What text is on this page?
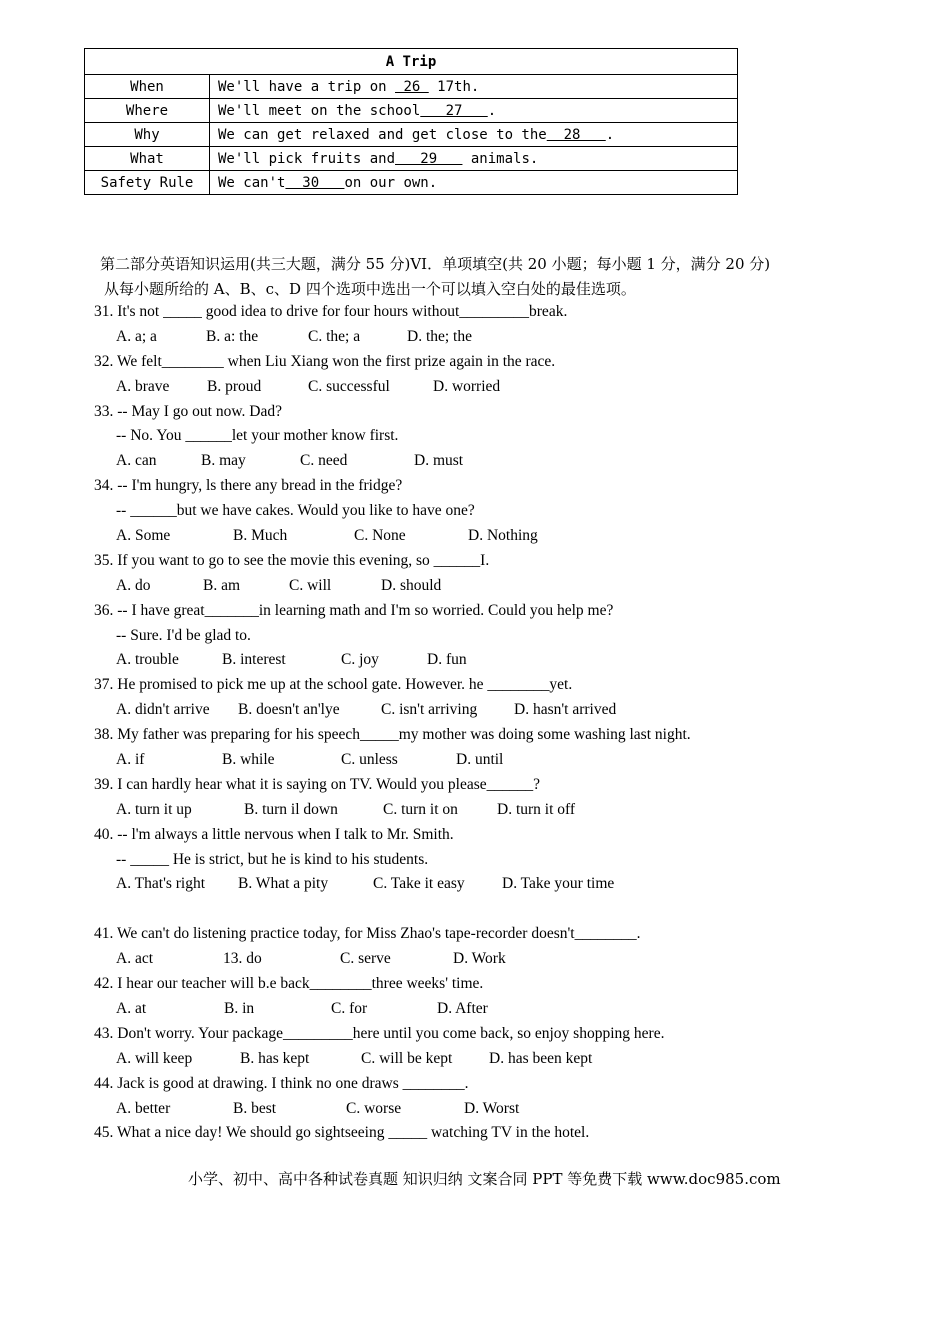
A Trip	
When	We'll have a trip on  26  17th.
Where	We'll meet on the school   27   .
Why	We can get relaxed and get close to the  28   .
What	We'll pick fruits and   29    animals.
Safety Rule	We can't  30   on our own.
第二部分英语知识运用(共三大题，满分 55 分)VI．单项填空(共 20 小题；每小题 1 分，满分 20 分)
从每小题所给的 A、B、c、D 四个选项中选出一个可以填入空白处的最佳选项。
31. It's not _____ good idea to drive for four hours without_________break.
A. a; a	B. a: the	C. the; a	D. the; the
32. We felt________ when Liu Xiang won the first prize again in the race.
A. brave B. proud	C. successful	D. worried
33. -- May I go out now. Dad?
-- No. You ______let your mother know first.
A. can	B. may	C. need	D. must
34. -- I'm hungry, ls there any bread in the fridge?
-- ______but we have cakes. Would you like to have one?
A. Some	B. Much	C. None	D. Nothing
35. If you want to go to see the movie this evening, so ______I.
A. do	B. am	C. will	D. should
36. -- I have great_______in learning math and I'm so worried. Could you help me?
-- Sure. I'd be glad to.
A. trouble	B. interest	C. joy	D. fun
37. He promised to pick me up at the school gate. However. he ________yet.
A. didn't arrive B. doesn't an'lye	C. isn't arriving D. hasn't arrived
38. My father was preparing for his speech_____my mother was doing some washing last night.
A. if	B. while	C. unless	D. until
39. I can hardly hear what it is saying on TV. Would you please______?
A. turn it up	B. turn il down	C. turn it on	D. turn it off
40. -- l'm always a little nervous when I talk to Mr. Smith.
-- _____ He is strict, but he is kind to his students.
A. That's right B. What a pity	C. Take it easy D. Take your time
41. We can't do listening practice today, for Miss Zhao's tape-recorder doesn't________.
A. act	13. do	C. serve	D. Work
42. I hear our teacher will b.e back________three weeks' time.
A. at	B. in	C. for	D. After
43. Don't worry. Your package_________here until you come back, so enjoy shopping here.
A. will keep	B. has kept	C. will be kept D. has been kept
44. Jack is good at drawing. I think no one draws ________.
A. better	B. best	C. worse	D. Worst
45. What a nice day! We should go sightseeing _____ watching TV in the hotel.
小学、初中、高中各种试卷真题 知识归纳 文案合同 PPT 等免费下载 www.doc985.com
